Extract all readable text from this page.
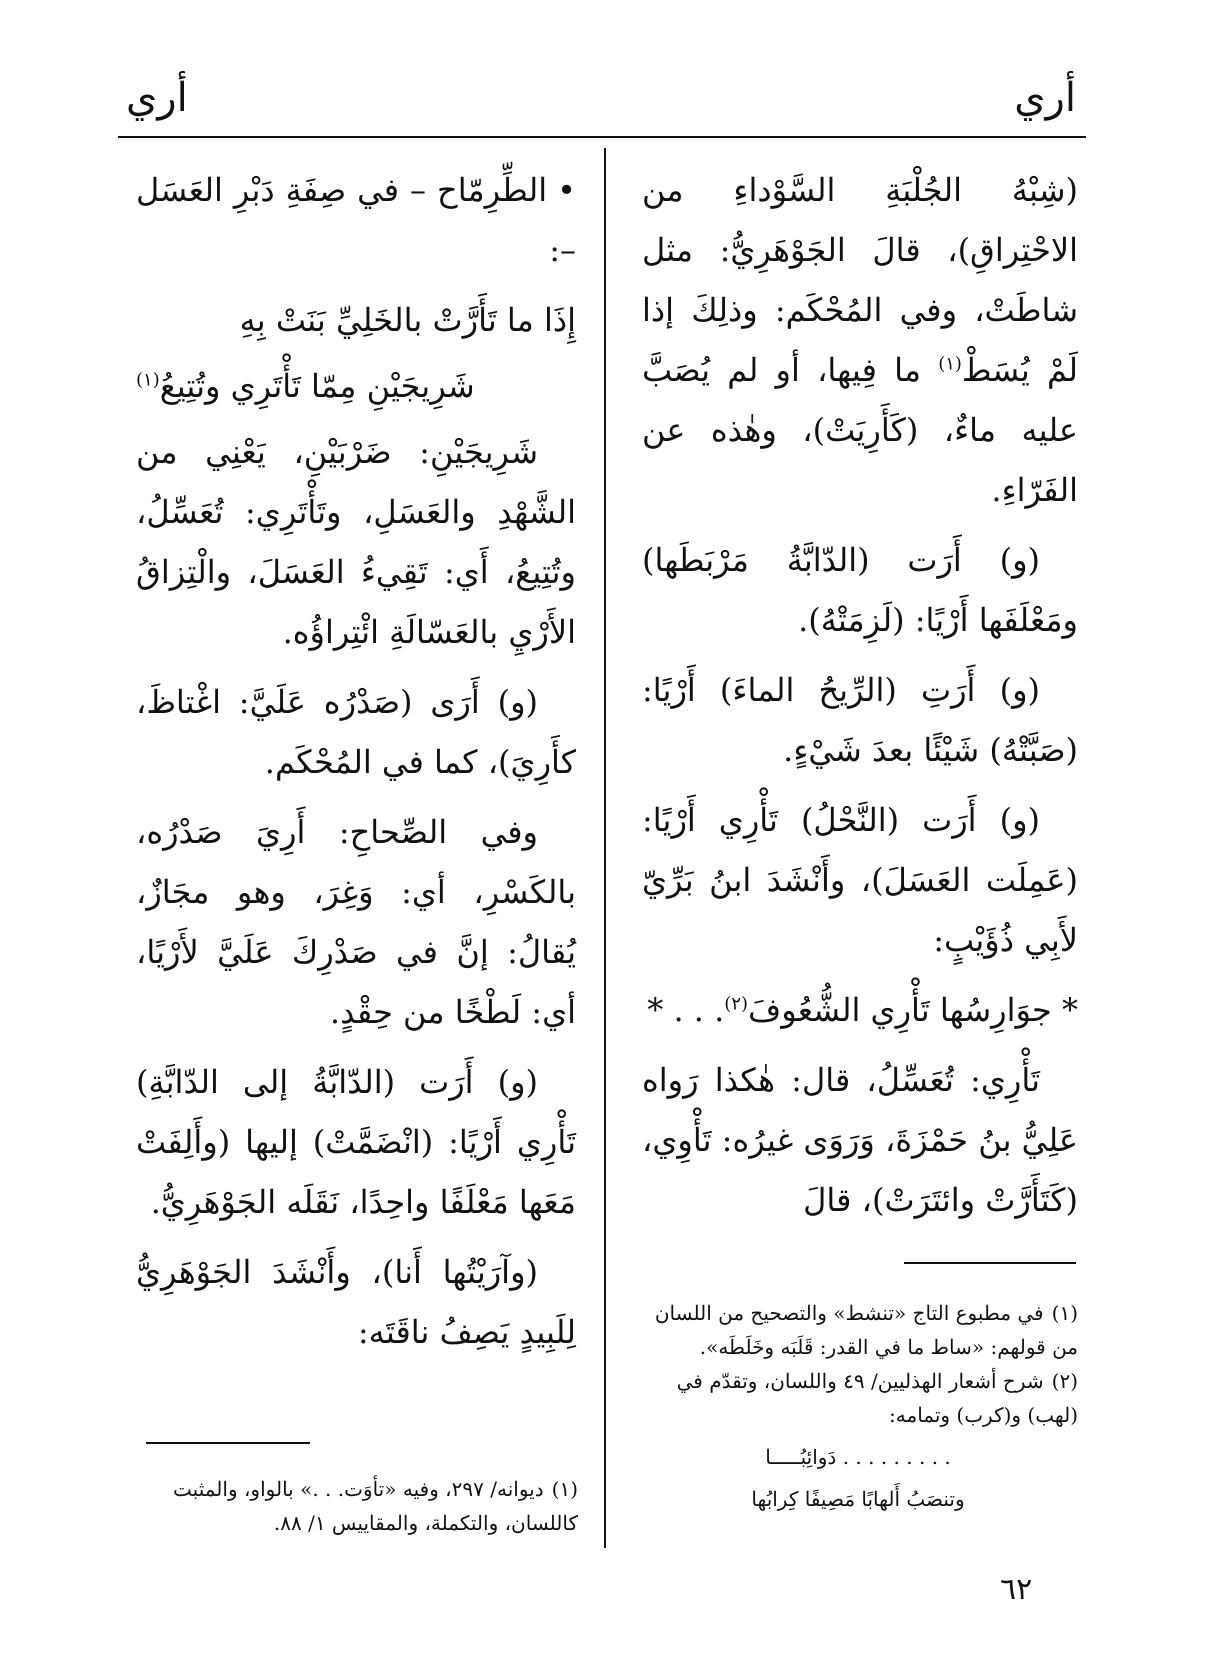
أري
أري

(شِبْهُ الجُلْبَةِ السَّوْداءِ من الاحْتِراقِ)، قالَ الجَوْهَرِيُّ: مثل شاطَتْ، وفي المُحْكَم: وذلِكَ إذا لَمْ يُسَطْ$^{(١)}$ ما فِيها، أو لم يُصَبَّ عليه ماءٌ، (كَأَرِيَتْ)، وهٰذه عن الفَرّاءِ.

(و) أَرَت (الدّابَّةُ مَرْبَطَها) ومَعْلَفَها أَرْيًا: (لَزِمَتْهُ).

(و) أَرَتِ (الرِّيحُ الماءَ) أَرْيًا: (صَبَّتْهُ) شَيْئًا بعدَ شَيْءٍ.

(و) أَرَت (النَّحْلُ) تَأْرِي أَرْيًا: (عَمِلَت العَسَلَ)، وأَنْشَدَ ابنُ بَرِّيّ لأَبِي ذُؤَيْبٍ:

* جوَارِسُها تَأْرِي الشُّعُوفَ$^{(٢)}$. . . *

تَأْرِي: تُعَسِّلُ، قال: هٰكذا رَواه عَلِيُّ بنُ حَمْزَةَ، وَرَوَى غيرُه: تَأْوِي، (كَتَأَرَّتْ وائتَرَتْ)، قالَ

• الطِّرِمّاح – في صِفَةِ دَبْرِ العَسَل –:

إِذَا ما تَأَرَّتْ بالخَلِيِّ بَنَتْ بِهِ

شَرِيجَيْنِ مِمّا تَأْتَرِي وتُتِيعُ$^{(١)}$

شَرِيجَيْنِ: ضَرْبَيْنِ، يَعْنِي من الشَّهْدِ والعَسَلِ، وتَأْتَرِي: تُعَسِّلُ، وتُتِيعُ، أَي: تَقِيءُ العَسَلَ، والْتِزاقُ الأَرْيِ بالعَسّالَةِ ائْتِراؤُه.

(و) أَرَى (صَدْرُه عَلَيَّ: اغْتاظَ، كأَرِيَ)، كما في المُحْكَم.

وفي الصِّحاحِ: أَرِيَ صَدْرُه، بالكَسْرِ، أي: وَغِرَ، وهو مجَازٌ، يُقالُ: إنَّ في صَدْرِكَ عَلَيَّ لأَرْيًا، أي: لَطْخًا من حِقْدٍ.

(و) أَرَت (الدّابَّةُ إلى الدّابَّةِ) تَأْرِي أَرْيًا: (انْضَمَّتْ) إليها (وأَلِفَتْ مَعَها مَعْلَفًا واحِدًا، نَقَلَه الجَوْهَرِيُّ.

(وآرَيْتُها أَنا)، وأَنْشَدَ الجَوْهَرِيُّ لِلَبِيدٍ يَصِفُ ناقَتَه:	(١)في مطبوع التاج «تنشط» والتصحيح من اللسان من قولهم: «ساط ما في القدر: قَلَبَه وخَلَطَه».

(٢)شرح أشعار الهذليين/ ٤٩ واللسان، وتقدّم في (لهب) و(كرب) وتمامه:

. . . . . . . . . دَوائِبُـــــا

وتنصَبُ أَلهابًا مَصِيفًا كِرابُها

(١)ديوانه/ ٢٩٧، وفيه «تأوَت. . .» بالواو، والمثبت كاللسان، والتكملة، والمقاييس ١/ ٨٨.

٦٢
